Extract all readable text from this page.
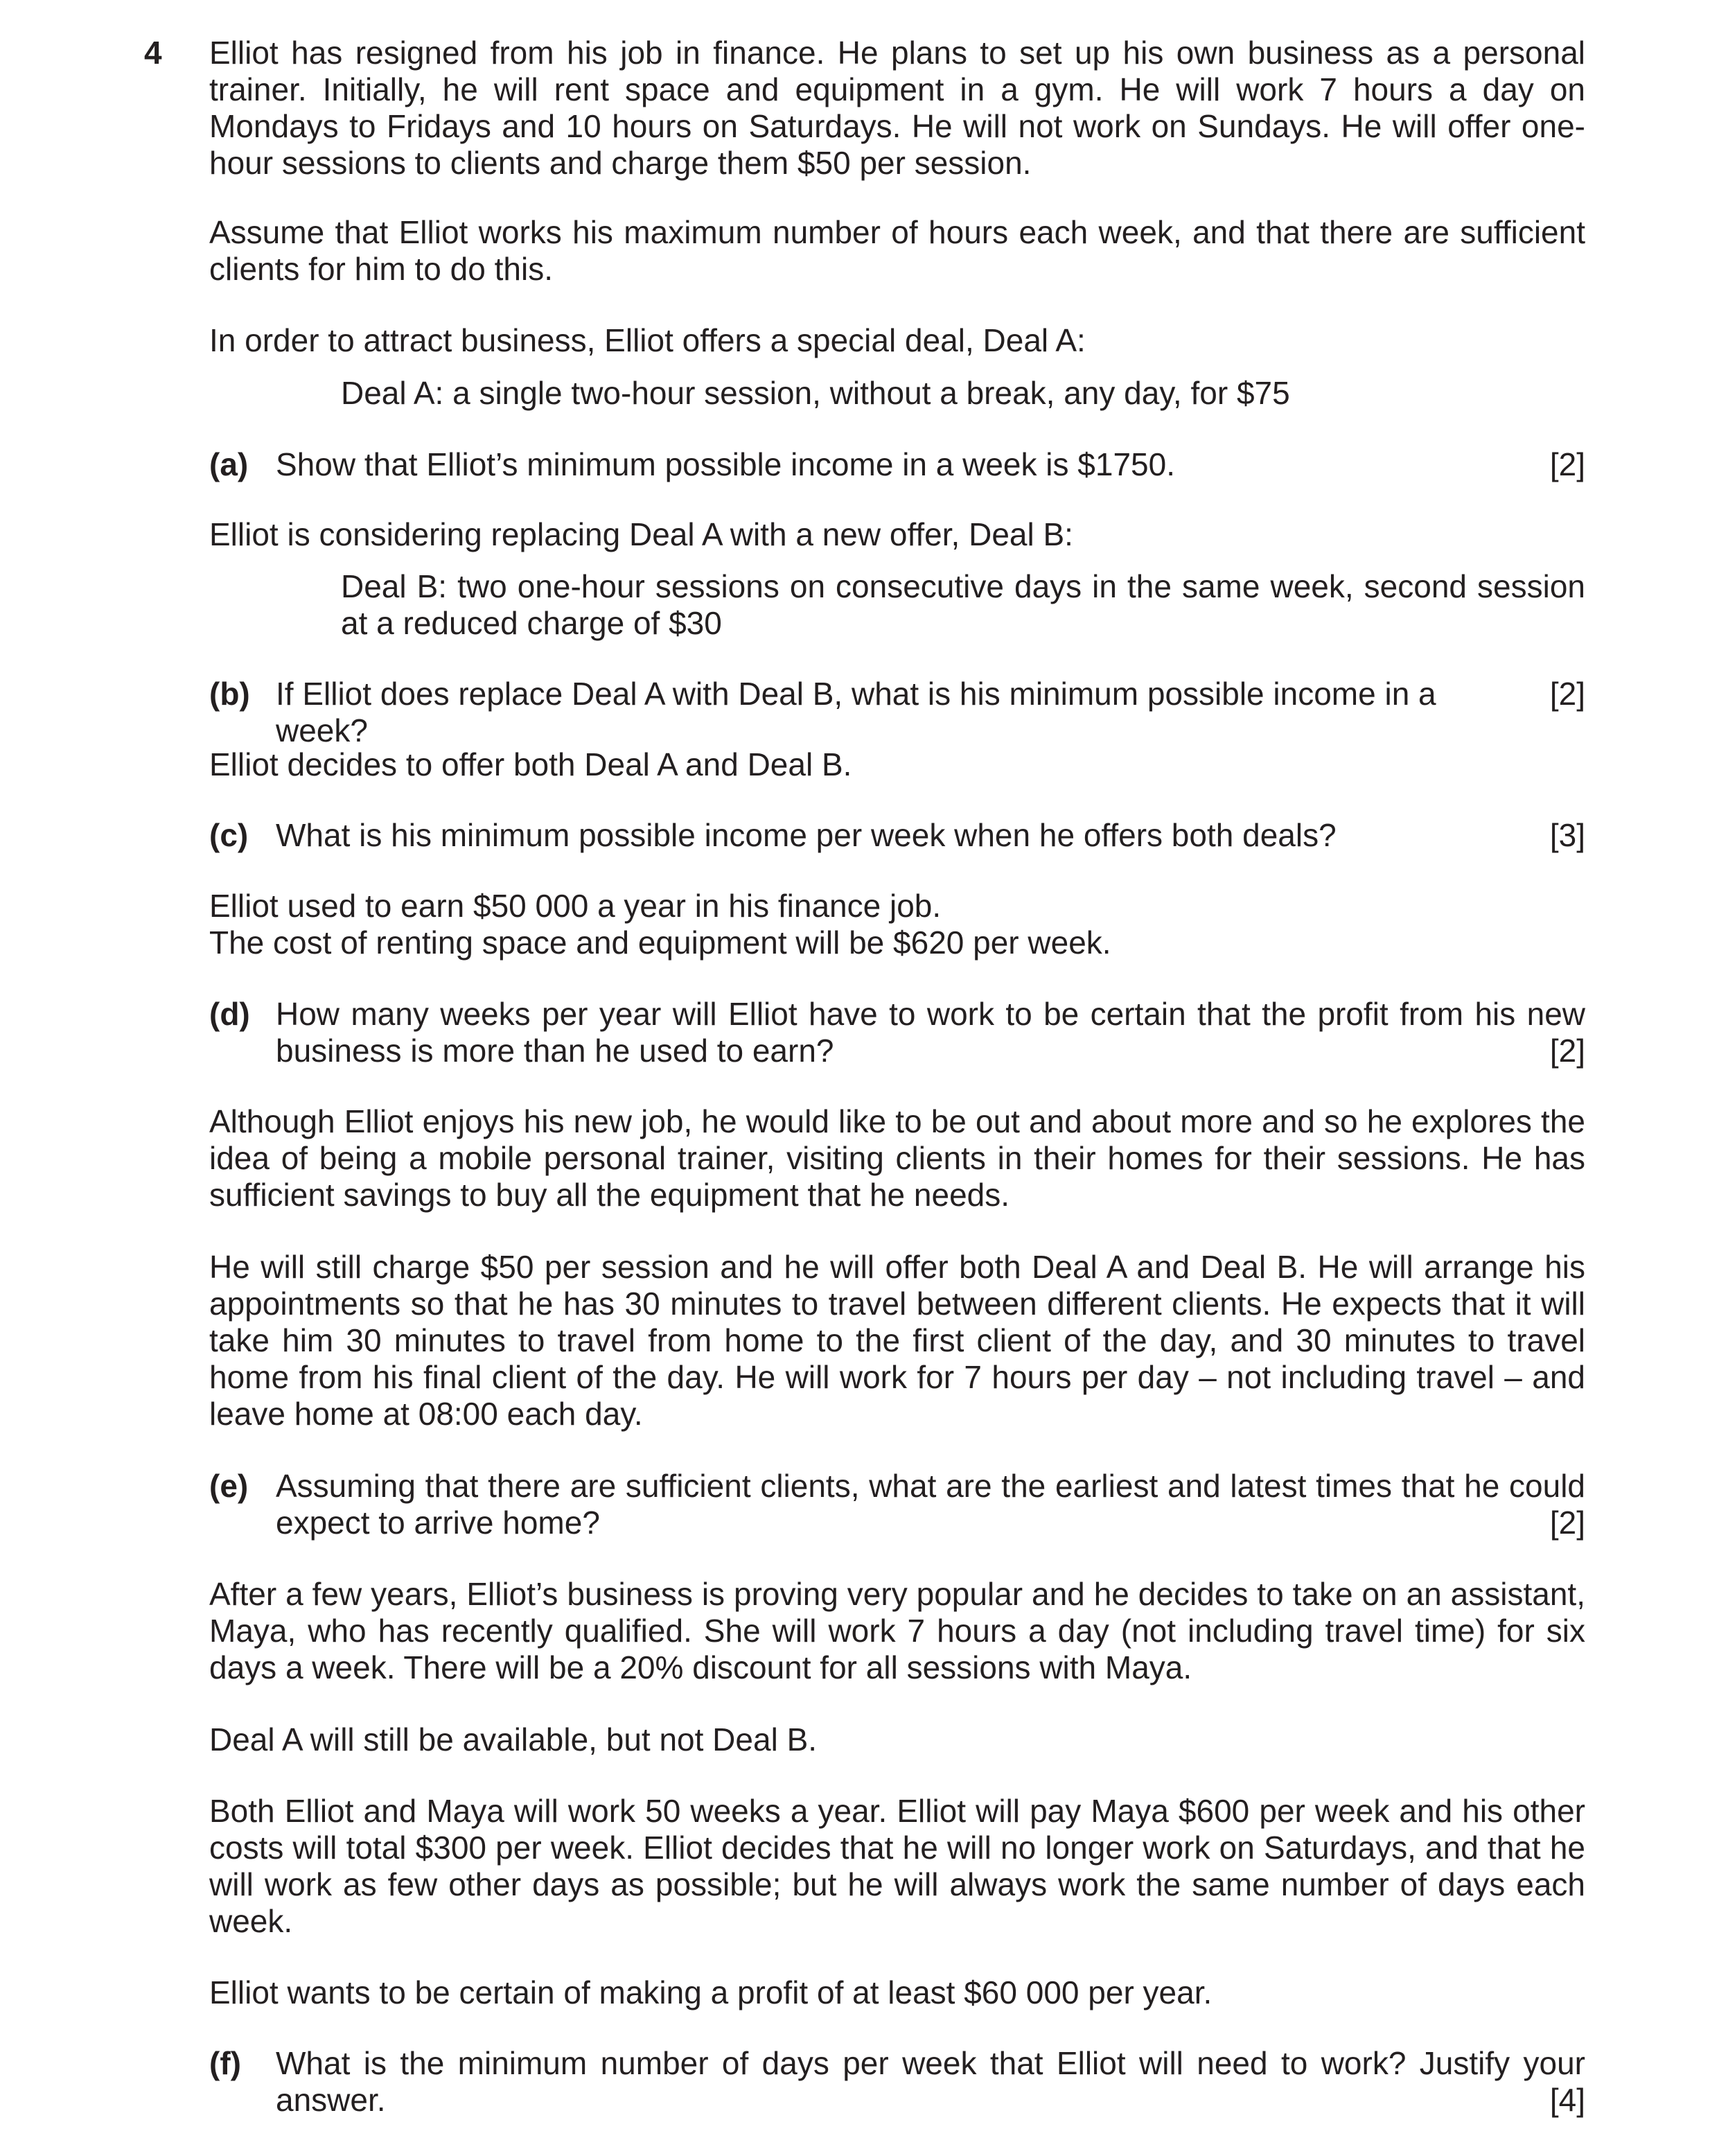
4 Elliot has resigned from his job in finance. He plans to set up his own business as a personal trainer. Initially, he will rent space and equipment in a gym. He will work 7 hours a day on Mondays to Fridays and 10 hours on Saturdays. He will not work on Sundays. He will offer one-hour sessions to clients and charge them $50 per session.
Assume that Elliot works his maximum number of hours each week, and that there are sufficient clients for him to do this.
In order to attract business, Elliot offers a special deal, Deal A:
Deal A: a single two-hour session, without a break, any day, for $75
(a) Show that Elliot’s minimum possible income in a week is $1750.	[2]
Elliot is considering replacing Deal A with a new offer, Deal B:
Deal B: two one-hour sessions on consecutive days in the same week, second session at a reduced charge of $30
(b) If Elliot does replace Deal A with Deal B, what is his minimum possible income in a week?
[2]
Elliot decides to offer both Deal A and Deal B.
(c) What is his minimum possible income per week when he offers both deals?	[3]
Elliot used to earn $50 000 a year in his finance job.
The cost of renting space and equipment will be $620 per week.
(d) How many weeks per year will Elliot have to work to be certain that the profit from his new business is more than he used to earn?	[2]
Although Elliot enjoys his new job, he would like to be out and about more and so he explores the idea of being a mobile personal trainer, visiting clients in their homes for their sessions. He has sufficient savings to buy all the equipment that he needs.
He will still charge $50 per session and he will offer both Deal A and Deal B. He will arrange his appointments so that he has 30 minutes to travel between different clients. He expects that it will take him 30 minutes to travel from home to the first client of the day, and 30 minutes to travel home from his final client of the day. He will work for 7 hours per day – not including travel – and leave home at 08:00 each day.
(e) Assuming that there are sufficient clients, what are the earliest and latest times that he could expect to arrive home?	[2]
After a few years, Elliot’s business is proving very popular and he decides to take on an assistant, Maya, who has recently qualified. She will work 7 hours a day (not including travel time) for six days a week. There will be a 20% discount for all sessions with Maya.
Deal A will still be available, but not Deal B.
Both Elliot and Maya will work 50 weeks a year. Elliot will pay Maya $600 per week and his other costs will total $300 per week. Elliot decides that he will no longer work on Saturdays, and that he will work as few other days as possible; but he will always work the same number of days each week.
Elliot wants to be certain of making a profit of at least $60 000 per year.
(f) What is the minimum number of days per week that Elliot will need to work? Justify your answer.	[4]
